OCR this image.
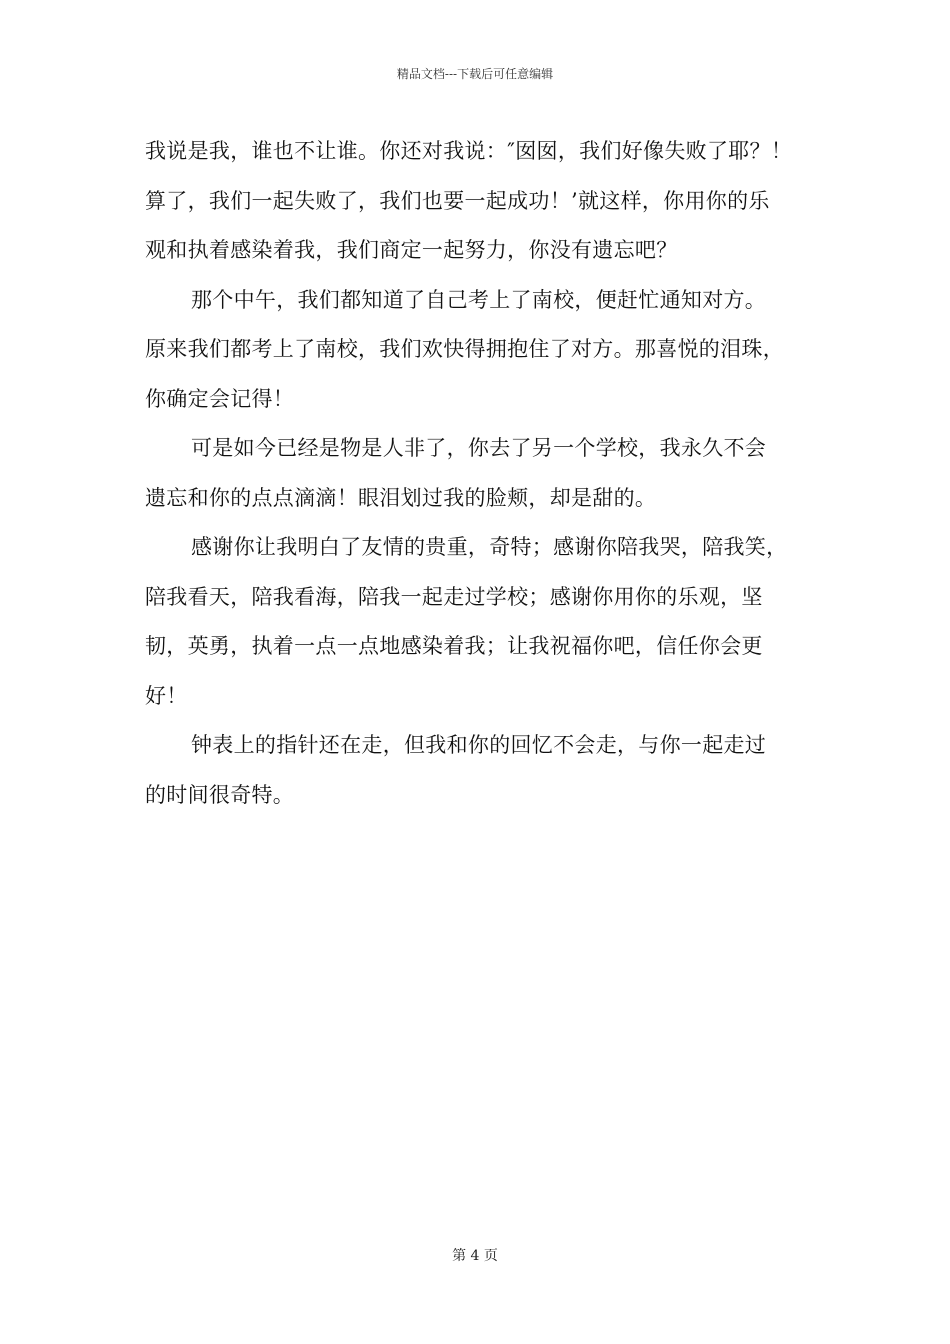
精品文档---下载后可任意编辑
我说是我，谁也不让谁。你还对我说：″囡囡，我们好像失败了耶？！
算了，我们一起失败了，我们也要一起成功！’就这样，你用你的乐
观和执着感染着我，我们商定一起努力，你没有遗忘吧？
那个中午，我们都知道了自己考上了南校，便赶忙通知对方。
原来我们都考上了南校，我们欢快得拥抱住了对方。那喜悦的泪珠，
你确定会记得！
可是如今已经是物是人非了，你去了另一个学校，我永久不会
遗忘和你的点点滴滴！眼泪划过我的脸颊，却是甜的。
感谢你让我明白了友情的贵重，奇特；感谢你陪我哭，陪我笑，
陪我看天，陪我看海，陪我一起走过学校；感谢你用你的乐观，坚
韧，英勇，执着一点一点地感染着我；让我祝福你吧，信任你会更
好！
钟表上的指针还在走，但我和你的回忆不会走，与你一起走过
的时间很奇特。
第 4 页
